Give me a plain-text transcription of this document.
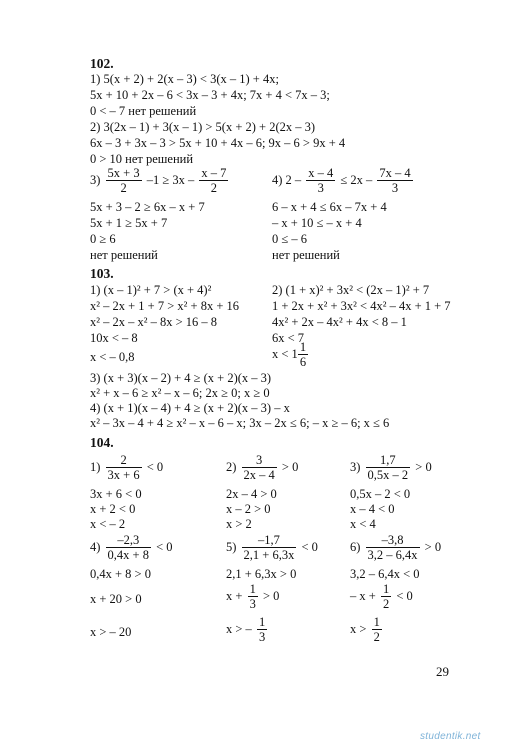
102.
1) 5(x + 2) + 2(x – 3) < 3(x – 1) + 4x;
5x + 10 + 2x – 6 < 3x – 3 + 4x; 7x + 4 < 7x – 3;
0 < – 7 нет решений
2) 3(2x – 1) + 3(x – 1) > 5(x + 2) + 2(2x – 3)
6x – 3 + 3x – 3 > 5x + 10 + 4x – 6; 9x – 6 > 9x + 4
0 > 10 нет решений
$3) \frac{5x + 3}{2} -1 \ge 3x - \frac{x - 7}{2}$
5x + 3 – 2 ≥ 6x – x + 7
5x + 1 ≥ 5x + 7
0 ≥ 6
нет решений
4) $2 - \frac{x - 4}{3} \le 2x - \frac{7x - 4}{3}$
6 – x + 4 ≤ 6x – 7x + 4
– x + 10 ≤ – x + 4
0 ≤ – 6
нет решений
103.
1) (x – 1)² + 7 > (x + 4)²
x² – 2x + 1 + 7 > x² + 8x + 16
x² – 2x – x² – 8x > 16 – 8
10x < – 8
x < – 0,8
2) (1 + x)² + 3x² < (2x – 1)² + 7
1 + 2x + x² + 3x² < 4x² – 4x + 1 + 7
4x² + 2x – 4x² + 4x < 8 – 1
6x < 7
$x < 1 \frac{1}{6}$
3) (x + 3)(x – 2) + 4 ≥ (x + 2)(x – 3)
x² + x – 6 ≥ x² – x – 6; 2x ≥ 0; x ≥ 0
4) (x + 1)(x – 4) + 4 ≥ (x + 2)(x – 3) – x
x² – 3x – 4 + 4 ≥ x² – x – 6 – x; 3x – 2x ≤ 6; – x ≥ – 6; x ≤ 6
104.
$1) \frac{2}{3x + 6} < 0$
3x + 6 < 0
x + 2 < 0
x < – 2
$2) \frac{3}{2x - 4} > 0$
2x – 4 > 0
x – 2 > 0
x > 2
$3) \frac{1,7}{0,5x - 2} > 0$
0,5x – 2 < 0
x – 4 < 0
x < 4
$4) \frac{-2,3}{0,4x + 8} < 0$
0,4x + 8 > 0
x + 20 > 0
x > – 20
$5) \frac{-1,7}{2,1 + 6,3x} < 0$
2,1 + 6,3x > 0
$x + \frac{1}{3} > 0$
x > – $\frac{1}{3}$
$6) \frac{-3,8}{3,2 - 6,4x} > 0$
3,2 – 6,4x < 0
– $x + \frac{1}{2} < 0$
$x > \frac{1}{2}$
29
studentik.net
